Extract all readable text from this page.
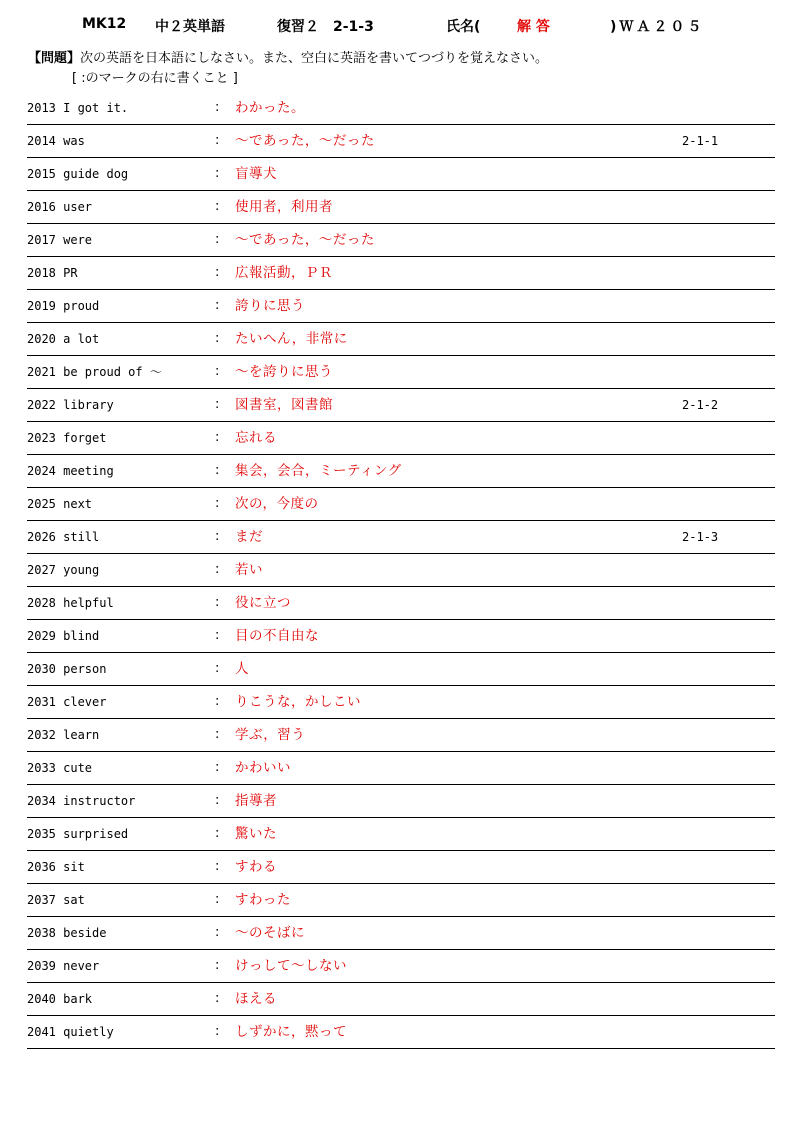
MK12 中２英単語	復習２　2-1-3	氏名(	解 答	)ＷＡ２０５
【問題】次の英語を日本語にしなさい。また、空白に英語を書いてつづりを覚えなさい。
[ :のマークの右に書くこと ]
2013 I got it.	: わかった。
2014 was	: ～であった，～だった	2-1-1
2015 guide dog	: 盲導犬
2016 user	: 使用者，利用者
2017 were	: ～であった，～だった
2018 PR	: 広報活動，ＰＲ
2019 proud	: 誇りに思う
2020 a lot	: たいへん，非常に
2021 be proud of ～	: ～を誇りに思う
2022 library	: 図書室，図書館	2-1-2
2023 forget	: 忘れる
2024 meeting	: 集会，会合，ミーティング
2025 next	: 次の，今度の
2026 still	: まだ	2-1-3
2027 young	: 若い
2028 helpful	: 役に立つ
2029 blind	: 目の不自由な
2030 person	: 人
2031 clever	: りこうな，かしこい
2032 learn	: 学ぶ，習う
2033 cute	: かわいい
2034 instructor	: 指導者
2035 surprised	: 驚いた
2036 sit	: すわる
2037 sat	: すわった
2038 beside	: ～のそばに
2039 never	: けっして～しない
2040 bark	: ほえる
2041 quietly	: しずかに，黙って
